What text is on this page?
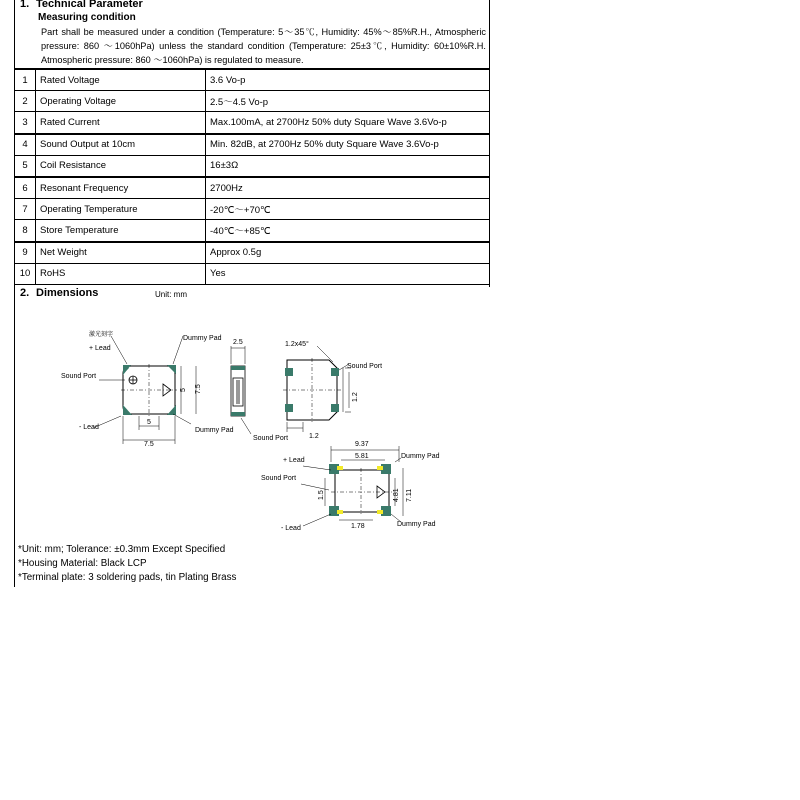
1. Technical Parameter
Measuring condition
Part shall be measured under a condition (Temperature: 5～35℃, Humidity: 45%～85%R.H., Atmospheric pressure: 860 ～1060hPa) unless the standard condition (Temperature: 25±3℃, Humidity: 60±10%R.H. Atmospheric pressure: 860 ～1060hPa) is regulated to measure.
1	Rated Voltage	3.6 Vo-p
2	Operating Voltage	2.5～4.5 Vo-p
3	Rated Current	Max.100mA, at 2700Hz 50% duty Square Wave 3.6Vo-p
4	Sound Output at 10cm	Min. 82dB, at 2700Hz 50% duty Square Wave 3.6Vo-p
5	Coil Resistance	16±3Ω
6	Resonant Frequency	2700Hz
7	Operating Temperature	-20℃～+70℃
8	Store Temperature	-40℃～+85℃
9	Net Weight	Approx 0.5g
10	RoHS	Yes
2. Dimensions	Unit: mm
激光刻字
+ Lead
Sound Port
- Lead
Dummy Pad
Dummy Pad
7.5
5
7.5
5
2.5
Sound Port
1.2x45°
Sound Port
1.2
1.2
9.37
5.81
+ Lead
Sound Port
- Lead
Dummy Pad
Dummy Pad
4.81 7.11
1.5
1.78
*Unit: mm; Tolerance: ±0.3mm Except Specified
*Housing Material: Black LCP
*Terminal plate: 3 soldering pads, tin Plating Brass
